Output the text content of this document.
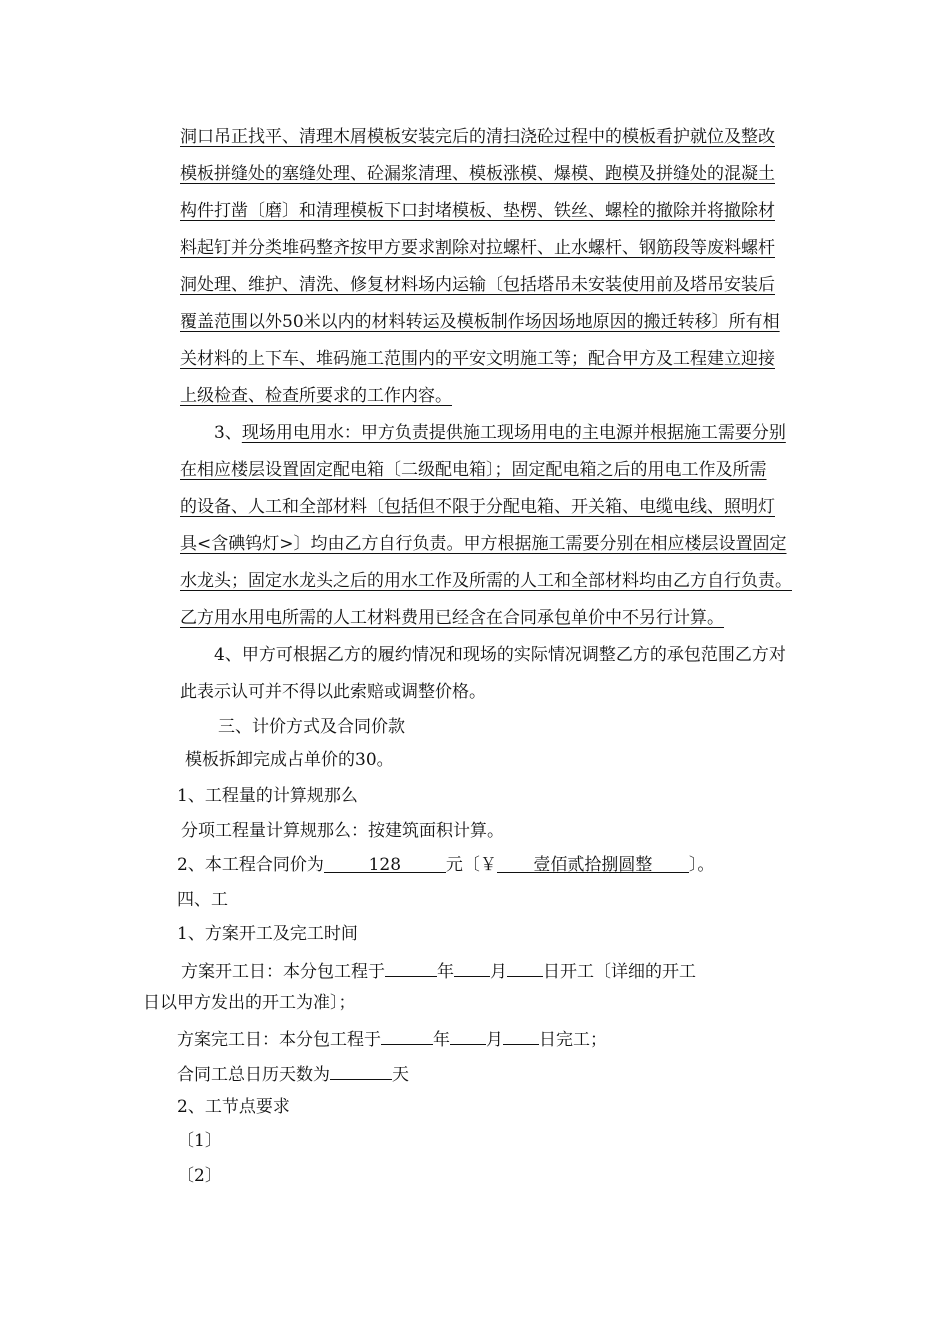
洞口吊正找平、清理木屑模板安装完后的清扫浇砼过程中的模板看护就位及整改
模板拼缝处的塞缝处理、砼漏浆清理、模板涨模、爆模、跑模及拼缝处的混凝土
构件打凿〔磨〕和清理模板下口封堵模板、垫楞、铁丝、螺栓的撤除并将撤除材
料起钉并分类堆码整齐按甲方要求割除对拉螺杆、止水螺杆、钢筋段等废料螺杆
洞处理、维护、清洗、修复材料场内运输〔包括塔吊未安装使用前及塔吊安装后
覆盖范围以外50米以内的材料转运及模板制作场因场地原因的搬迁转移〕所有相
关材料的上下车、堆码施工范围内的平安文明施工等；配合甲方及工程建立迎接
上级检查、检查所要求的工作内容。
3、现场用电用水：甲方负责提供施工现场用电的主电源并根据施工需要分别
在相应楼层设置固定配电箱〔二级配电箱〕；固定配电箱之后的用电工作及所需
的设备、人工和全部材料〔包括但不限于分配电箱、开关箱、电缆电线、照明灯
具<含碘钨灯>〕均由乙方自行负责。甲方根据施工需要分别在相应楼层设置固定
水龙头；固定水龙头之后的用水工作及所需的人工和全部材料均由乙方自行负责。
乙方用水用电所需的人工材料费用已经含在合同承包单价中不另行计算。
4、甲方可根据乙方的履约情况和现场的实际情况调整乙方的承包范围乙方对
此表示认可并不得以此索赔或调整价格。
三、计价方式及合同价款
模板拆卸完成占单价的30。
1、工程量的计算规那么
分项工程量计算规那么：按建筑面积计算。
2、本工程合同价为	128	元〔￥ 壹佰贰拾捌圆整 〕。
四、工
1、方案开工及完工时间
方案开工日：本分包工程于	年 月 日开工〔详细的开工
日以甲方发出的开工为准〕；
方案完工日：本分包工程于	年 月 日完工；
合同工总日历天数为	天
2、工节点要求
〔1〕
〔2〕
